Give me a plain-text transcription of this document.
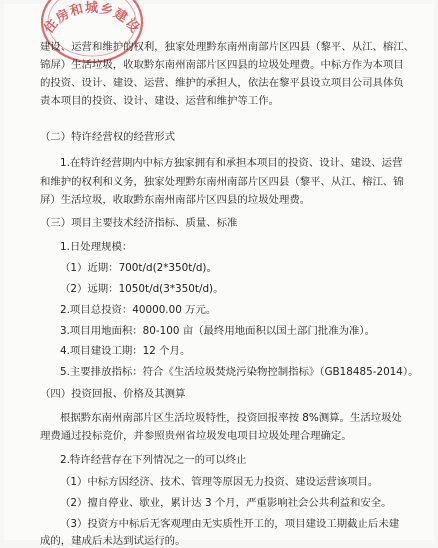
住房和城乡建设
建设、运营和维护的权利，独家处理黔东南州南部片区四县（黎平、从江、榕江、
锦屏）生活垃圾，收取黔东南州南部片区四县的垃圾处理费。中标方作为本项目
的投资、设计、建设、运营、维护的承担人，依法在黎平县设立项目公司具体负
责本项目的投资、设计、建设、运营和维护等工作。
（二）特许经营权的经营形式
1.在特许经营期内中标方独家拥有和承担本项目的投资、设计、建设、运营
和维护的权利和义务，独家处理黔东南州南部片区四县（黎平、从江、榕江、锦
屏）生活垃圾，收取黔东南州南部片区四县的垃圾处理费。
（三）项目主要技术经济指标、质量、标准
1.日处理规模：
（1）近期：700t/d(2*350t/d)。
（2）远期：1050t/d(3*350t/d)。
2.项目总投资：40000.00 万元。
3.项目用地面积：80-100 亩（最终用地面积以国土部门批准为准）。
4.项目建设工期：12 个月。
5.主要排放指标：符合《生活垃圾焚烧污染物控制指标》（GB18485-2014）。
（四）投资回报、价格及其测算
根据黔东南州南部片区生活垃圾特性，投资回报率按 8%测算。生活垃圾处
理费通过投标竞价，并参照贵州省垃圾发电项目垃圾处理合理确定。
2.特许经营存在下列情况之一的可以终止
（1）中标方因经济、技术、管理等原因无力投资、建设运营该项目。
（2）擅自停业、歇业，累计达 3 个月，严重影响社会公共利益和安全。
（3）投资方中标后无客观理由无实质性开工的，项目建设工期截止后未建
成的，建成后未达到试运行的。
